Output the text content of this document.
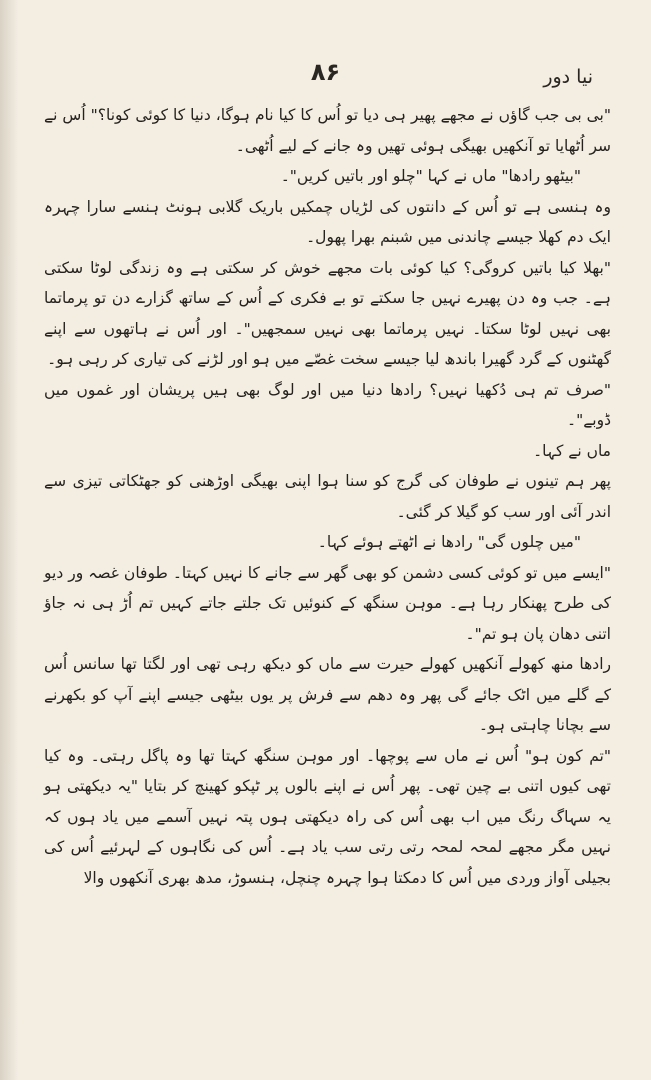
نیا دور
۸۶

"بی بی جب گاؤں نے مجھے پھیر ہی دیا تو اُس کا کیا نام ہوگا، دنیا کا کوئی کونا؟" اُس نے سر اُٹھایا تو آنکھیں بھیگی ہوئی تھیں وہ جانے کے لیے اُٹھی۔

"بیٹھو رادھا" ماں نے کہا "چلو اور باتیں کریں"۔

وہ ہنسی ہے تو اُس کے دانتوں کی لڑیاں چمکیں باریک گلابی ہونٹ ہنسے سارا چہرہ ایک دم کھلا جیسے چاندنی میں شبنم بھرا پھول۔

"بھلا کیا باتیں کروگی؟ کیا کوئی بات مجھے خوش کر سکتی ہے وہ زندگی لوٹا سکتی ہے۔ جب وہ دن پھیرے نہیں جا سکتے تو بے فکری کے اُس کے ساتھ گزارے دن تو پرماتما بھی نہیں لوٹا سکتا۔ نہیں پرماتما بھی نہیں سمجھیں"۔ اور اُس نے ہاتھوں سے اپنے گھٹنوں کے گرد گھیرا باندھ لیا جیسے سخت غصّے میں ہو اور لڑنے کی تیاری کر رہی ہو۔

"صرف تم ہی دُکھیا نہیں؟ رادھا دنیا میں اور لوگ بھی ہیں پریشان اور غموں میں ڈوبے"۔

ماں نے کہا۔

پھر ہم تینوں نے طوفان کی گرج کو سنا ہوا اپنی بھیگی اوڑھنی کو جھٹکاتی تیزی سے اندر آئی اور سب کو گیلا کر گئی۔

"میں چلوں گی" رادھا نے اٹھتے ہوئے کہا۔

"ایسے میں تو کوئی کسی دشمن کو بھی گھر سے جانے کا نہیں کہتا۔ طوفان غصہ ور دیو کی طرح پھنکار رہا ہے۔ موہن سنگھ کے کنوئیں تک جلتے جاتے کہیں تم اُڑ ہی نہ جاؤ اتنی دھان پان ہو تم"۔

رادھا منھ کھولے آنکھیں کھولے حیرت سے ماں کو دیکھ رہی تھی اور لگتا تھا سانس اُس کے گلے میں اٹک جائے گی پھر وہ دھم سے فرش پر یوں بیٹھی جیسے اپنے آپ کو بکھرنے سے بچانا چاہتی ہو۔

"تم کون ہو" اُس نے ماں سے پوچھا۔ اور موہن سنگھ کہتا تھا وہ پاگل رہتی۔ وہ کیا تھی کیوں اتنی بے چین تھی۔ پھر اُس نے اپنے بالوں پر ٹپکو کھینچ کر بتایا "یہ دیکھتی ہو یہ سہاگ رنگ میں اب بھی اُس کی راہ دیکھتی ہوں پتہ نہیں آسمے میں یاد ہوں کہ نہیں مگر مجھے لمحہ لمحہ رتی رتی سب یاد ہے۔ اُس کی نگاہوں کے لہرئیے اُس کی بجیلی آواز وردی میں اُس کا دمکتا ہوا چہرہ چنچل، ہنسوڑ، مدھ بھری آنکھوں والا
